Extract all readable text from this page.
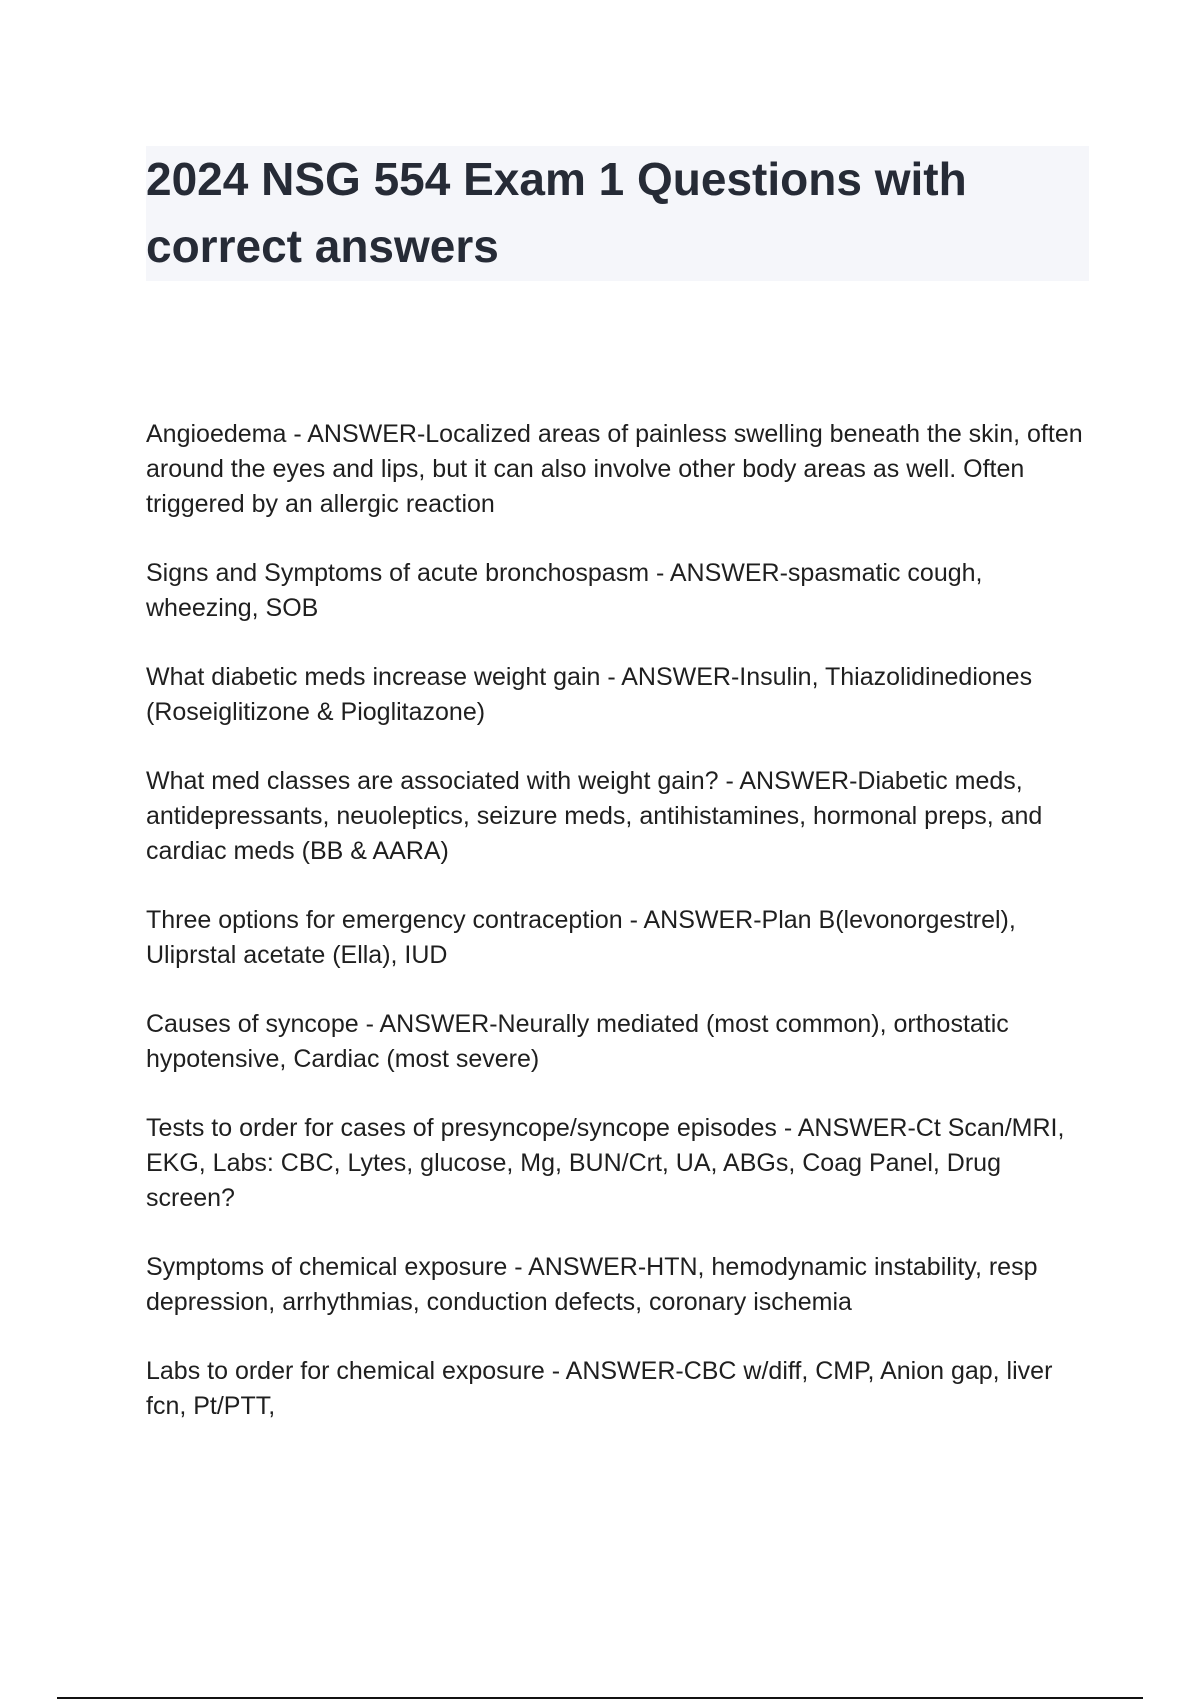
2024 NSG 554 Exam 1 Questions with correct answers

Angioedema - ANSWER-Localized areas of painless swelling beneath the skin, often around the eyes and lips, but it can also involve other body areas as well. Often triggered by an allergic reaction

Signs and Symptoms of acute bronchospasm - ANSWER-spasmatic cough, wheezing, SOB

What diabetic meds increase weight gain - ANSWER-Insulin, Thiazolidinediones (Roseiglitizone & Pioglitazone)

What med classes are associated with weight gain? - ANSWER-Diabetic meds, antidepressants, neuoleptics, seizure meds, antihistamines, hormonal preps, and cardiac meds (BB & AARA)

Three options for emergency contraception - ANSWER-Plan B(levonorgestrel), Uliprstal acetate (Ella), IUD

Causes of syncope - ANSWER-Neurally mediated (most common), orthostatic hypotensive, Cardiac (most severe)

Tests to order for cases of presyncope/syncope episodes - ANSWER-Ct Scan/MRI, EKG, Labs: CBC, Lytes, glucose, Mg, BUN/Crt, UA, ABGs, Coag Panel, Drug screen?

Symptoms of chemical exposure - ANSWER-HTN, hemodynamic instability, resp depression, arrhythmias, conduction defects, coronary ischemia

Labs to order for chemical exposure - ANSWER-CBC w/diff, CMP, Anion gap, liver fcn, Pt/PTT,
